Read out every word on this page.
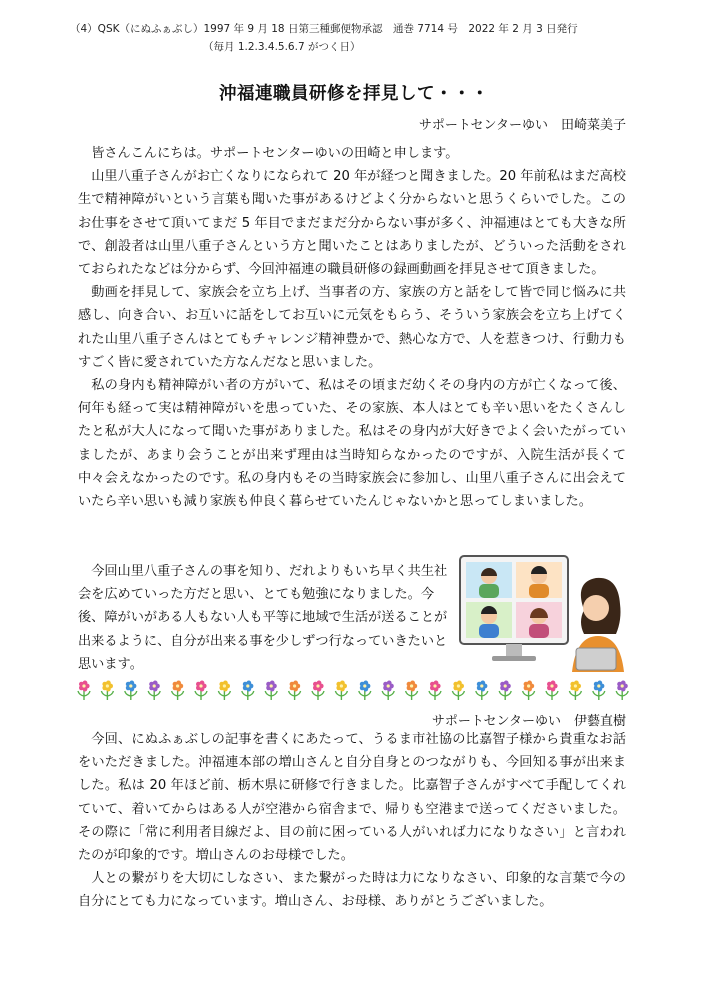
（4）QSK（にぬふぁぶし）1997 年 9 月 18 日第三種郵便物承認　通巻 7714 号　2022 年 2 月 3 日発行
（毎月 1.2.3.4.5.6.7 がつく日）
沖福連職員研修を拝見して・・・
サポートセンターゆい　田崎菜美子

皆さんこんにちは。サポートセンターゆいの田崎と申します。

山里八重子さんがお亡くなりになられて 20 年が経つと聞きました。20 年前私はまだ高校生で精神障がいという言葉も聞いた事があるけどよく分からないと思うくらいでした。このお仕事をさせて頂いてまだ 5 年目でまだまだ分からない事が多く、沖福連はとても大きな所で、創設者は山里八重子さんという方と聞いたことはありましたが、どういった活動をされておられたなどは分からず、今回沖福連の職員研修の録画動画を拝見させて頂きました。

動画を拝見して、家族会を立ち上げ、当事者の方、家族の方と話をして皆で同じ悩みに共感し、向き合い、お互いに話をしてお互いに元気をもらう、そういう家族会を立ち上げてくれた山里八重子さんはとてもチャレンジ精神豊かで、熱心な方で、人を惹きつけ、行動力もすごく皆に愛されていた方なんだなと思いました。

私の身内も精神障がい者の方がいて、私はその頃まだ幼くその身内の方が亡くなって後、何年も経って実は精神障がいを患っていた、その家族、本人はとても辛い思いをたくさんしたと私が大人になって聞いた事がありました。私はその身内が大好きでよく会いたがっていましたが、あまり会うことが出来ず理由は当時知らなかったのですが、入院生活が長くて中々会えなかったのです。私の身内もその当時家族会に参加し、山里八重子さんに出会えていたら辛い思いも減り家族も仲良く暮らせていたんじゃないかと思ってしまいました。

今回山里八重子さんの事を知り、だれよりもいち早く共生社会を広めていった方だと思い、とても勉強になりました。今後、障がいがある人もない人も平等に地域で生活が送ることが出来るように、自分が出来る事を少しずつ行なっていきたいと思います。

サポートセンターゆい　伊藝直樹

今回、にぬふぁぶしの記事を書くにあたって、うるま市社協の比嘉智子様から貴重なお話をいただきました。沖福連本部の増山さんと自分自身とのつながりも、今回知る事が出来ました。私は 20 年ほど前、栃木県に研修で行きました。比嘉智子さんがすべて手配してくれていて、着いてからはある人が空港から宿舎まで、帰りも空港まで送ってくださいました。その際に「常に利用者目線だよ、目の前に困っている人がいれば力になりなさい」と言われたのが印象的です。増山さんのお母様でした。

人との繋がりを大切にしなさい、また繋がった時は力になりなさい、印象的な言葉で今の自分にとても力になっています。増山さん、お母様、ありがとうございました。
